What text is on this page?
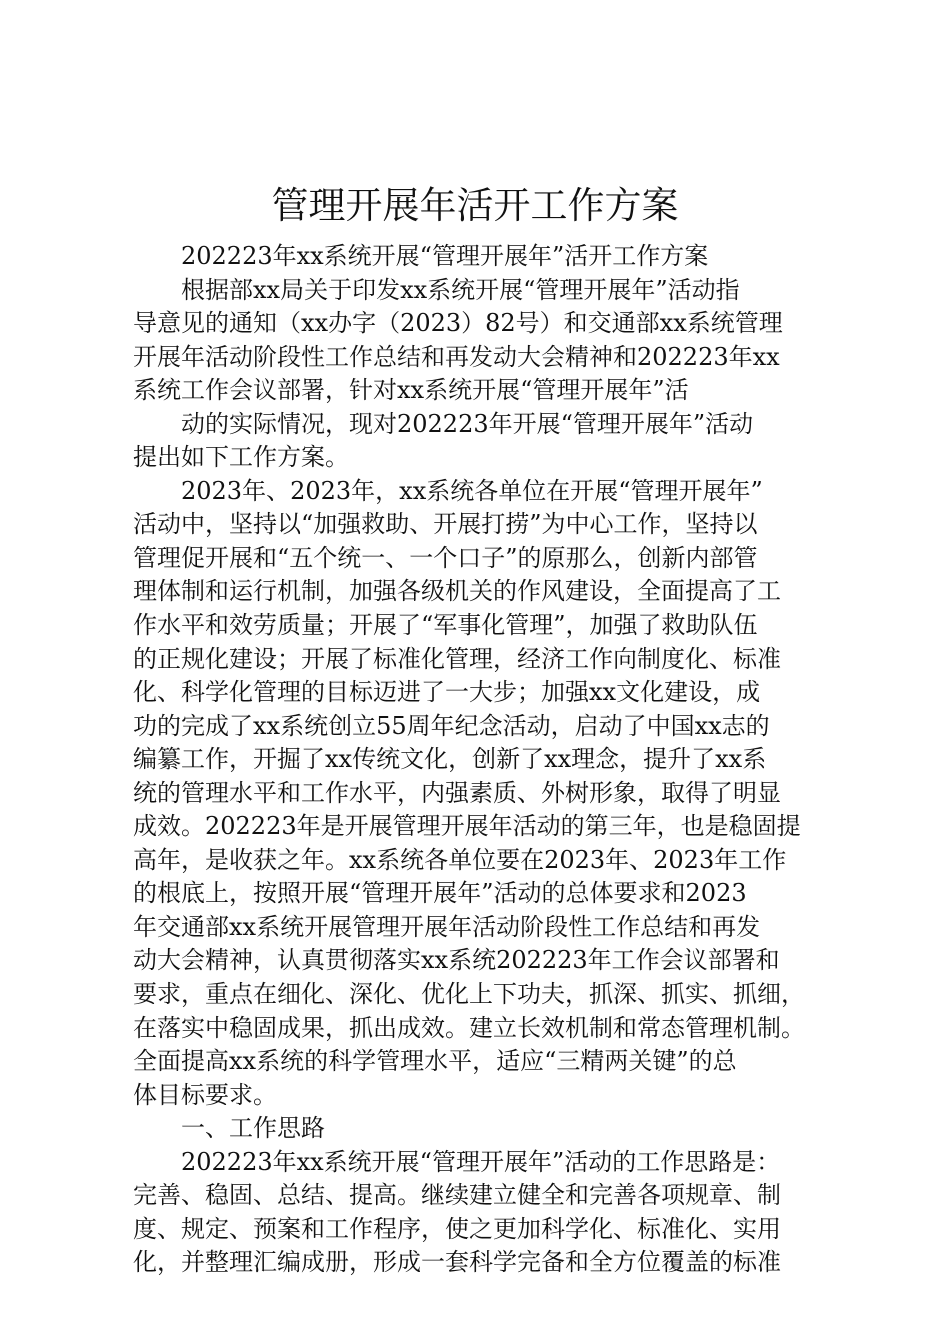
管理开展年活开工作方案

202223年xx系统开展“管理开展年”活开工作方案

根据部xx局关于印发xx系统开展“管理开展年”活动指

导意见的通知（xx办字（2023）82号）和交通部xx系统管理

开展年活动阶段性工作总结和再发动大会精神和202223年xx

系统工作会议部署，针对xx系统开展“管理开展年”活

动的实际情况，现对202223年开展“管理开展年”活动

提出如下工作方案。

2023年、2023年，xx系统各单位在开展“管理开展年”

活动中，坚持以“加强救助、开展打捞”为中心工作，坚持以

管理促开展和“五个统一、一个口子”的原那么，创新内部管

理体制和运行机制，加强各级机关的作风建设，全面提高了工

作水平和效劳质量；开展了“军事化管理”，加强了救助队伍

的正规化建设；开展了标准化管理，经济工作向制度化、标准

化、科学化管理的目标迈进了一大步；加强xx文化建设，成

功的完成了xx系统创立55周年纪念活动，启动了中国xx志的

编纂工作，开掘了xx传统文化，创新了xx理念，提升了xx系

统的管理水平和工作水平，内强素质、外树形象，取得了明显

成效。202223年是开展管理开展年活动的第三年，也是稳固提

高年，是收获之年。xx系统各单位要在2023年、2023年工作

的根底上，按照开展“管理开展年”活动的总体要求和2023

年交通部xx系统开展管理开展年活动阶段性工作总结和再发

动大会精神，认真贯彻落实xx系统202223年工作会议部署和

要求，重点在细化、深化、优化上下功夫，抓深、抓实、抓细，

在落实中稳固成果，抓出成效。建立长效机制和常态管理机制。

全面提高xx系统的科学管理水平，适应“三精两关键”的总

体目标要求。

一、工作思路

202223年xx系统开展“管理开展年”活动的工作思路是：

完善、稳固、总结、提高。继续建立健全和完善各项规章、制

度、规定、预案和工作程序，使之更加科学化、标准化、实用

化，并整理汇编成册，形成一套科学完备和全方位覆盖的标准
